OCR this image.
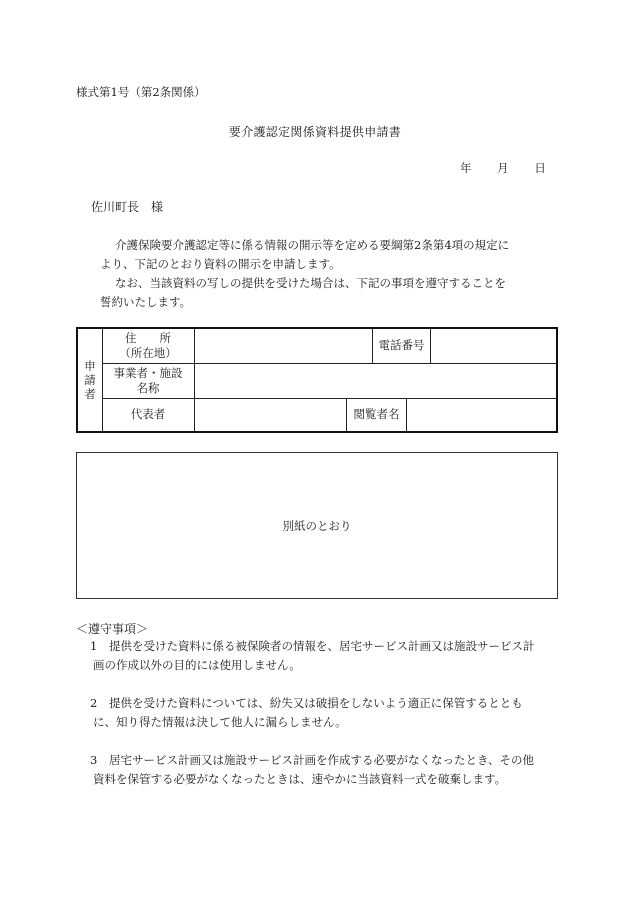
様式第1号（第2条関係）
要介護認定関係資料提供申請書
年 月 日
佐川町長 様
介護保険要介護認定等に係る情報の開示等を定める要綱第2条第4項の規定に
より、下記のとおり資料の開示を申請します。
なお、当該資料の写しの提供を受けた場合は、下記の事項を遵守することを
誓約いたします。
申
請
者
住　　所
（所在地）
電話番号
事業者・施設
名称
代表者	閲覧者名
別紙のとおり
＜遵守事項＞
1 提供を受けた資料に係る被保険者の情報を、居宅サービス計画又は施設サービス計
画の作成以外の目的には使用しません。
2 提供を受けた資料については、紛失又は破損をしないよう適正に保管するととも
に、知り得た情報は決して他人に漏らしません。
3 居宅サービス計画又は施設サービス計画を作成する必要がなくなったとき、その他
資料を保管する必要がなくなったときは、速やかに当該資料一式を破棄します。
